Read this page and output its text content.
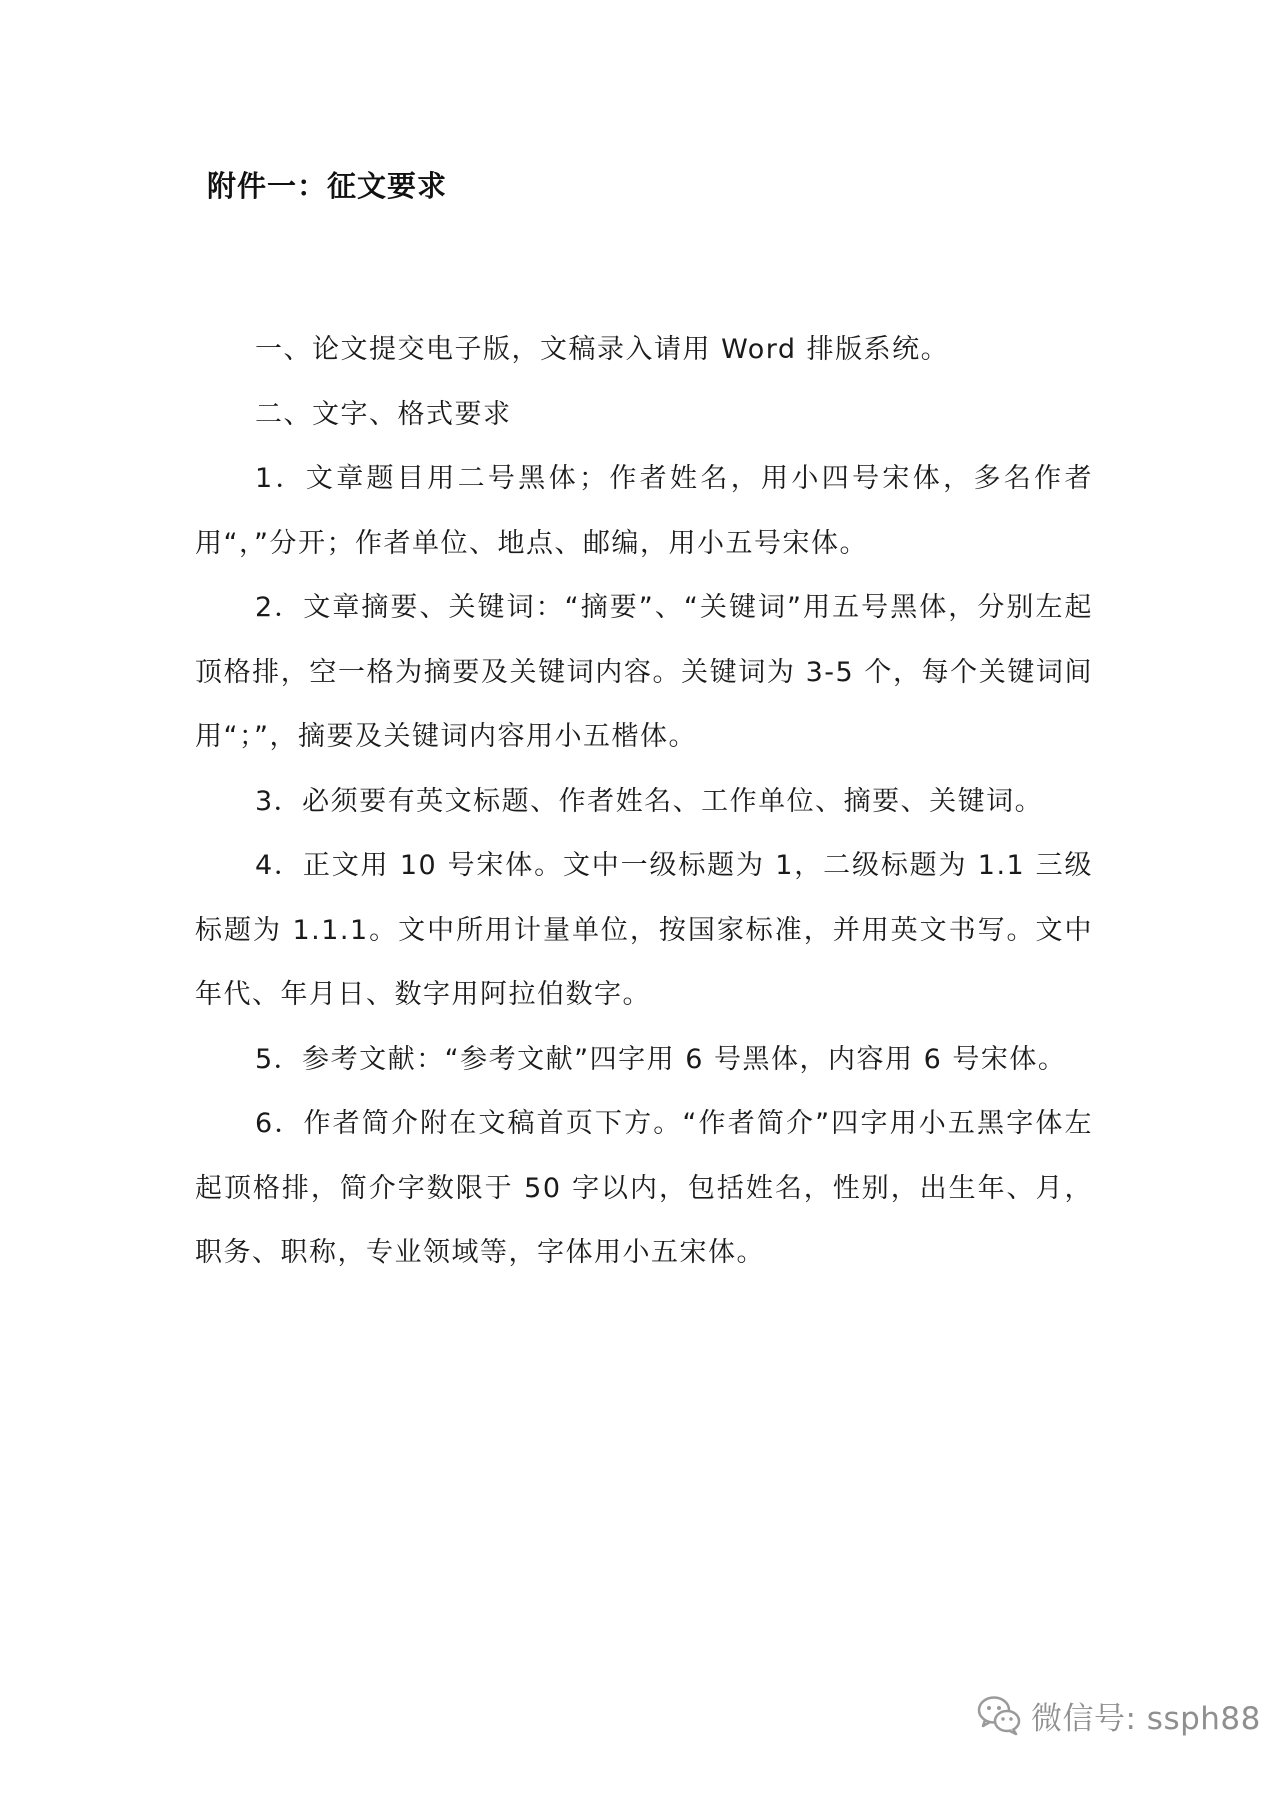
附件一：征文要求

一、论文提交电子版，文稿录入请用 Word 排版系统。

二、文字、格式要求

1．文章题目用二号黑体；作者姓名，用小四号宋体，多名作者用“，”分开；作者单位、地点、邮编，用小五号宋体。

2．文章摘要、关键词：“摘要”、“关键词”用五号黑体，分别左起顶格排，空一格为摘要及关键词内容。关键词为 3-5 个，每个关键词间用“；”，摘要及关键词内容用小五楷体。

3．必须要有英文标题、作者姓名、工作单位、摘要、关键词。

4．正文用 10 号宋体。文中一级标题为 1，二级标题为 1.1 三级标题为 1.1.1。文中所用计量单位，按国家标准，并用英文书写。文中年代、年月日、数字用阿拉伯数字。

5．参考文献：“参考文献”四字用 6 号黑体，内容用 6 号宋体。

6．作者简介附在文稿首页下方。“作者简介”四字用小五黑字体左起顶格排，简介字数限于 50 字以内，包括姓名，性别，出生年、月，职务、职称，专业领域等，字体用小五宋体。

微信号: ssph88
